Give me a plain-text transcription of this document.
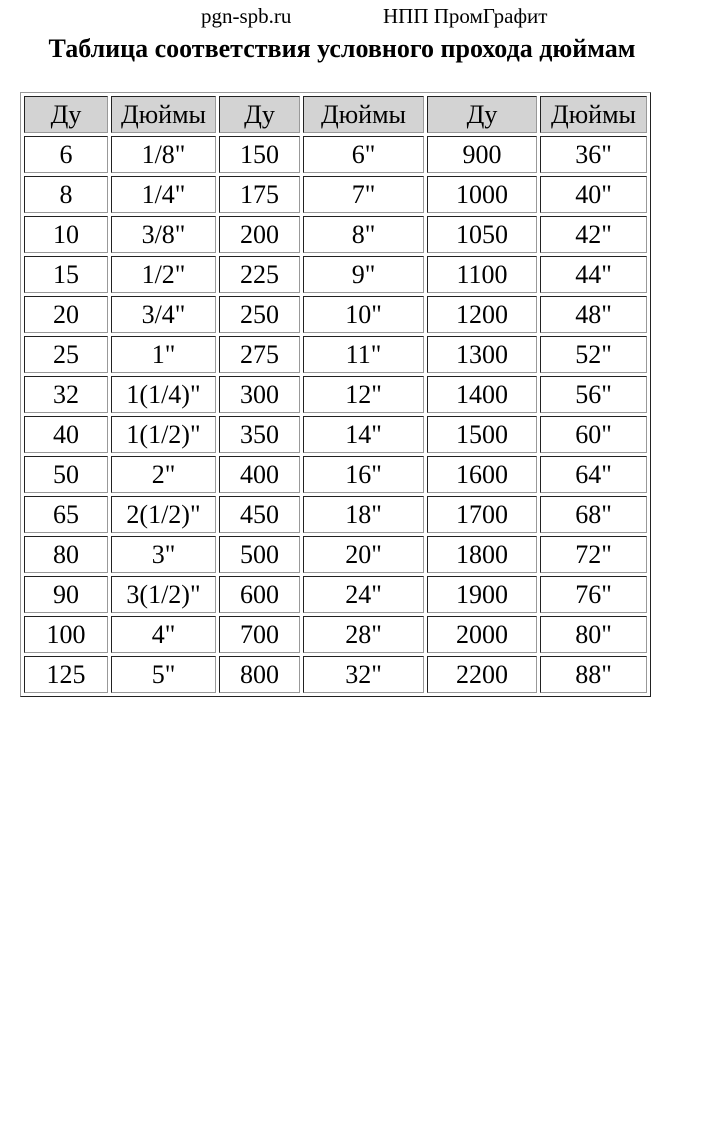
pgn-spb.ru	НПП ПромГрафит
Таблица соответствия условного прохода дюймам
Ду	Дюймы	Ду	Дюймы	Ду	Дюймы
6	1/8"	150	6"	900	36"
8	1/4"	175	7"	1000	40"
10	3/8"	200	8"	1050	42"
15	1/2"	225	9"	1100	44"
20	3/4"	250	10"	1200	48"
25	1"	275	11"	1300	52"
32	1(1/4)"	300	12"	1400	56"
40	1(1/2)"	350	14"	1500	60"
50	2"	400	16"	1600	64"
65	2(1/2)"	450	18"	1700	68"
80	3"	500	20"	1800	72"
90	3(1/2)"	600	24"	1900	76"
100	4"	700	28"	2000	80"
125	5"	800	32"	2200	88"
